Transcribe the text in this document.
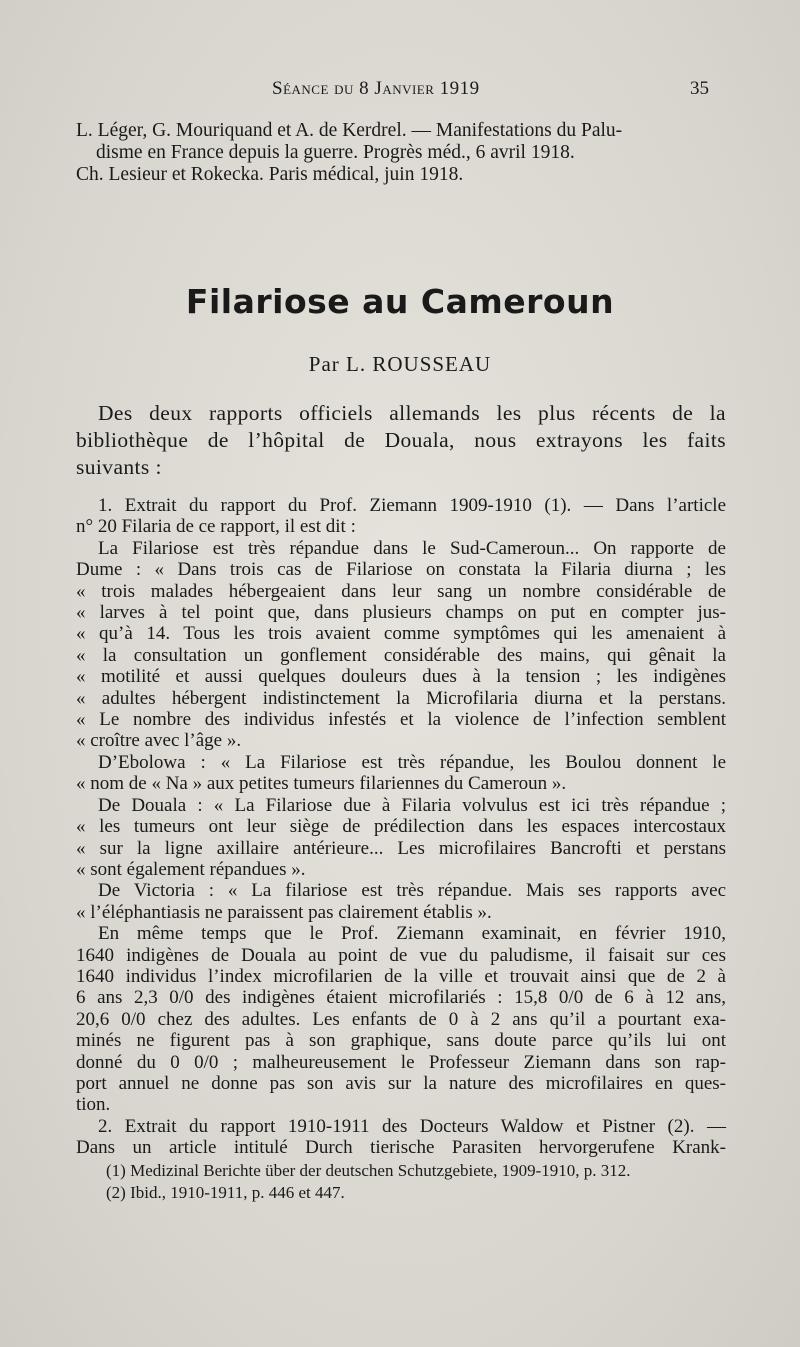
Séance du 8 Janvier 1919	35
L. Léger, G. Mouriquand et A. de Kerdrel. — Manifestations du Palu-
disme en France depuis la guerre. Progrès méd., 6 avril 1918.
Ch. Lesieur et Rokecka. Paris médical, juin 1918.
Filariose au Cameroun
Par L. ROUSSEAU
Des deux rapports officiels allemands les plus récents de la
bibliothèque de l’hôpital de Douala, nous extrayons les faits
suivants :
1. Extrait du rapport du Prof. Ziemann 1909-1910 (1). — Dans l’article
n° 20 Filaria de ce rapport, il est dit :
La Filariose est très répandue dans le Sud-Cameroun... On rapporte de
Dume : « Dans trois cas de Filariose on constata la Filaria diurna ; les
« trois malades hébergeaient dans leur sang un nombre considérable de
« larves à tel point que, dans plusieurs champs on put en compter jus-
« qu’à 14. Tous les trois avaient comme symptômes qui les amenaient à
« la consultation un gonflement considérable des mains, qui gênait la
« motilité et aussi quelques douleurs dues à la tension ; les indigènes
« adultes hébergent indistinctement la Microfilaria diurna et la perstans.
« Le nombre des individus infestés et la violence de l’infection semblent
« croître avec l’âge ».
D’Ebolowa : « La Filariose est très répandue, les Boulou donnent le
« nom de « Na » aux petites tumeurs filariennes du Cameroun ».
De Douala : « La Filariose due à Filaria volvulus est ici très répandue ;
« les tumeurs ont leur siège de prédilection dans les espaces intercostaux
« sur la ligne axillaire antérieure... Les microfilaires Bancrofti et perstans
« sont également répandues ».
De Victoria : « La filariose est très répandue. Mais ses rapports avec
« l’éléphantiasis ne paraissent pas clairement établis ».
En même temps que le Prof. Ziemann examinait, en février 1910,
1640 indigènes de Douala au point de vue du paludisme, il faisait sur ces
1640 individus l’index microfilarien de la ville et trouvait ainsi que de 2 à
6 ans 2,3 0/0 des indigènes étaient microfilariés : 15,8 0/0 de 6 à 12 ans,
20,6 0/0 chez des adultes. Les enfants de 0 à 2 ans qu’il a pourtant exa-
minés ne figurent pas à son graphique, sans doute parce qu’ils lui ont
donné du 0 0/0 ; malheureusement le Professeur Ziemann dans son rap-
port annuel ne donne pas son avis sur la nature des microfilaires en ques-
tion.
2. Extrait du rapport 1910-1911 des Docteurs Waldow et Pistner (2). —
Dans un article intitulé Durch tierische Parasiten hervorgerufene Krank-
(1) Medizinal Berichte über der deutschen Schutzgebiete, 1909-1910, p. 312.
(2) Ibid., 1910-1911, p. 446 et 447.
